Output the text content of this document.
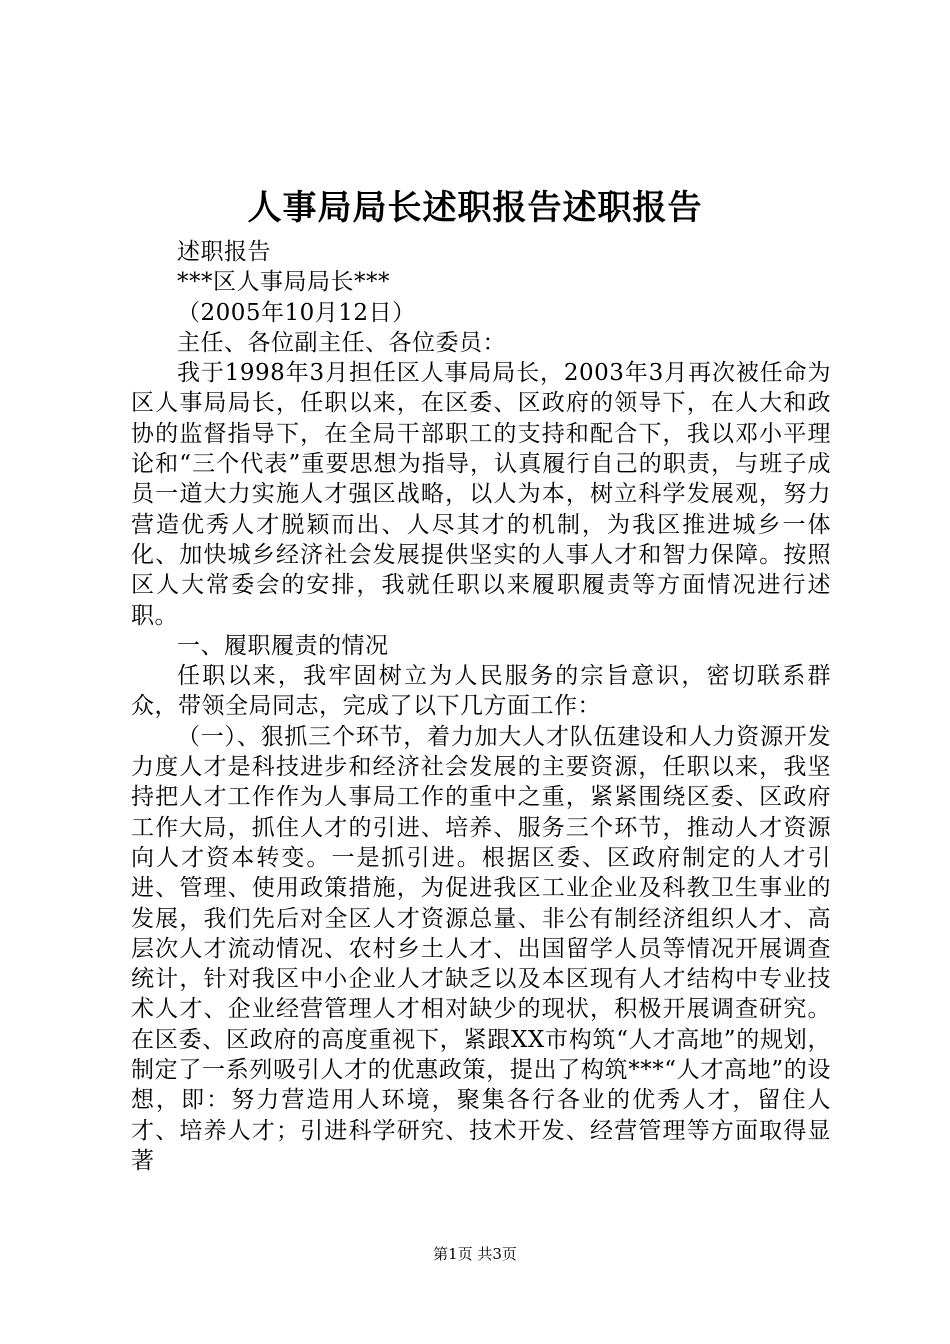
人事局局长述职报告述职报告

述职报告

***区人事局局长***

（2005年10月12日）

主任、各位副主任、各位委员：

我于1998年3月担任区人事局局长，2003年3月再次被任命为区人事局局长，任职以来，在区委、区政府的领导下，在人大和政协的监督指导下，在全局干部职工的支持和配合下，我以邓小平理论和“三个代表”重要思想为指导，认真履行自己的职责，与班子成员一道大力实施人才强区战略，以人为本，树立科学发展观，努力营造优秀人才脱颖而出、人尽其才的机制，为我区推进城乡一体化、加快城乡经济社会发展提供坚实的人事人才和智力保障。按照区人大常委会的安排，我就任职以来履职履责等方面情况进行述职。

一、履职履责的情况

任职以来，我牢固树立为人民服务的宗旨意识，密切联系群众，带领全局同志，完成了以下几方面工作：

（一）、狠抓三个环节，着力加大人才队伍建设和人力资源开发力度人才是科技进步和经济社会发展的主要资源，任职以来，我坚持把人才工作作为人事局工作的重中之重，紧紧围绕区委、区政府工作大局，抓住人才的引进、培养、服务三个环节，推动人才资源向人才资本转变。一是抓引进。根据区委、区政府制定的人才引进、管理、使用政策措施，为促进我区工业企业及科教卫生事业的发展，我们先后对全区人才资源总量、非公有制经济组织人才、高层次人才流动情况、农村乡土人才、出国留学人员等情况开展调查统计，针对我区中小企业人才缺乏以及本区现有人才结构中专业技术人才、企业经营管理人才相对缺少的现状，积极开展调查研究。在区委、区政府的高度重视下，紧跟XX市构筑“人才高地”的规划，制定了一系列吸引人才的优惠政策，提出了构筑***“人才高地”的设想，即：努力营造用人环境，聚集各行各业的优秀人才，留住人才、培养人才；引进科学研究、技术开发、经营管理等方面取得显著

第1页 共3页
